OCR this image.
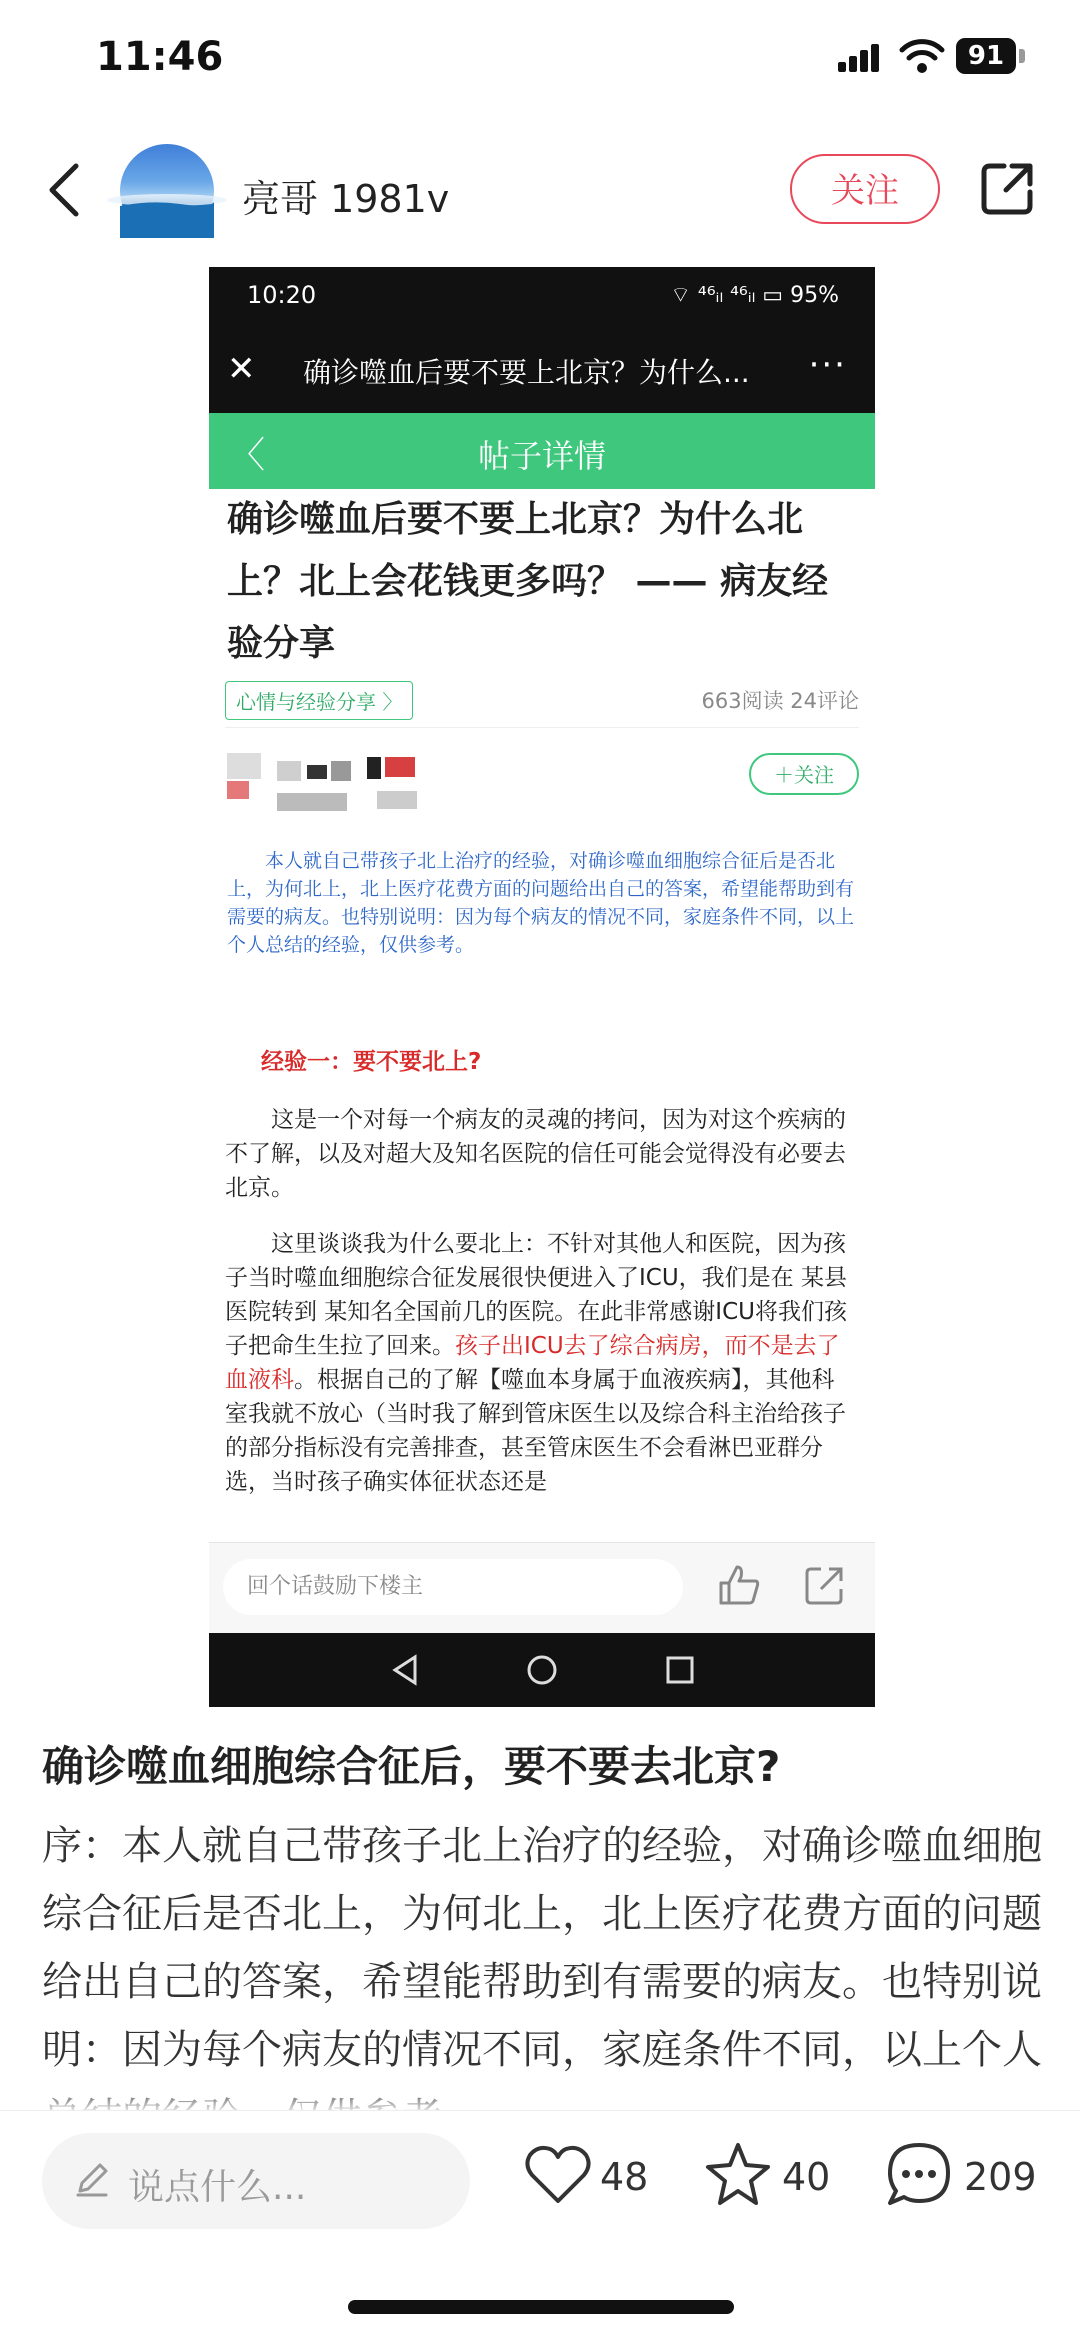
11:46	91
亮哥 1981v	关注
10:20	⌔ ⁴⁶ᵢₗ ⁴⁶ᵢₗ ▭ 95%
✕ 确诊噬血后要不要上北京？为什么... ···
〈	帖子详情
确诊噬血后要不要上北京？为什么北上？北上会花钱更多吗？ —— 病友经验分享
心情与经验分享 〉	663阅读 24评论
＋关注
本人就自己带孩子北上治疗的经验，对确诊噬血细胞综合征后是否北上，为何北上，北上医疗花费方面的问题给出自己的答案，希望能帮助到有需要的病友。也特别说明：因为每个病友的情况不同，家庭条件不同，以上个人总结的经验，仅供参考。
经验一：要不要北上?
这是一个对每一个病友的灵魂的拷问，因为对这个疾病的不了解，以及对超大及知名医院的信任可能会觉得没有必要去北京。
这里谈谈我为什么要北上：不针对其他人和医院，因为孩子当时噬血细胞综合征发展很快便进入了ICU，我们是在 某县医院转到 某知名全国前几的医院。在此非常感谢ICU将我们孩子把命生生拉了回来。孩子出ICU去了综合病房，而不是去了血液科。根据自己的了解【噬血本身属于血液疾病】，其他科室我就不放心（当时我了解到管床医生以及综合科主治给孩子的部分指标没有完善排查，甚至管床医生不会看淋巴亚群分选，当时孩子确实体征状态还是
回个话鼓励下楼主
确诊噬血细胞综合征后，要不要去北京?
序：本人就自己带孩子北上治疗的经验，对确诊噬血细胞综合征后是否北上，为何北上，北上医疗花费方面的问题给出自己的答案，希望能帮助到有需要的病友。也特别说明：因为每个病友的情况不同，家庭条件不同，以上个人
说点什么...	48	40	209
